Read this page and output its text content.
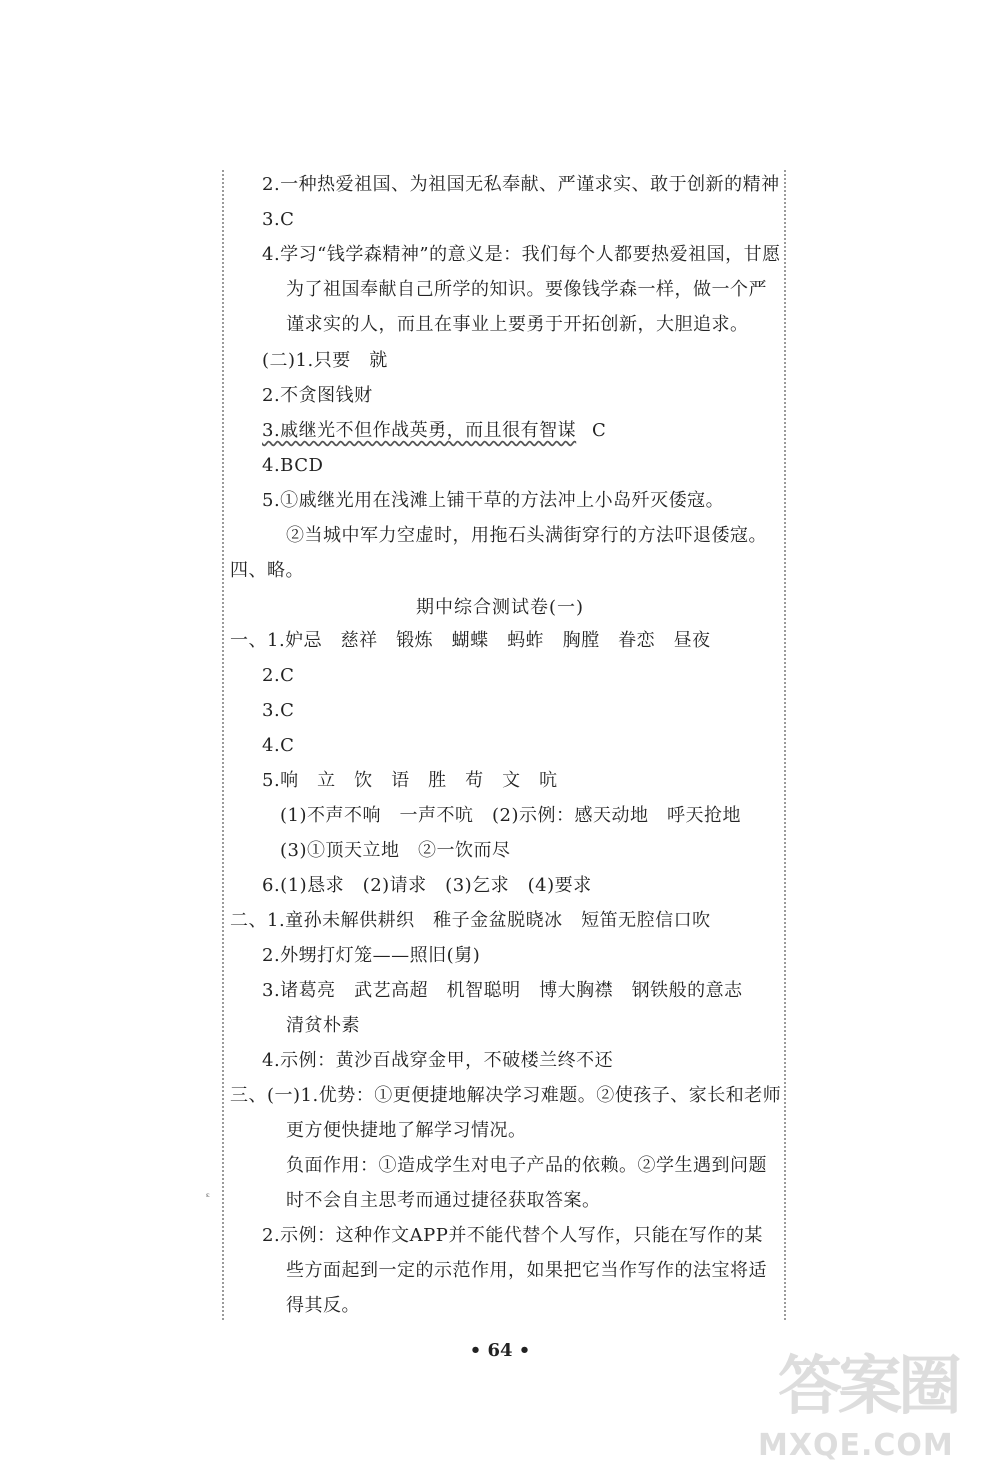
2.一种热爱祖国、为祖国无私奉献、严谨求实、敢于创新的精神
3.C
4.学习“钱学森精神”的意义是：我们每个人都要热爱祖国，甘愿
为了祖国奉献自己所学的知识。要像钱学森一样，做一个严
谨求实的人，而且在事业上要勇于开拓创新，大胆追求。
(二)1.只要　就
2.不贪图钱财
3.戚继光不但作战英勇，而且很有智谋 C
4.BCD
5.①戚继光用在浅滩上铺干草的方法冲上小岛歼灭倭寇。
②当城中军力空虚时，用拖石头满街穿行的方法吓退倭寇。
四、略。
期中综合测试卷(一)
一、1.妒忌　慈祥　锻炼　蝴蝶　蚂蚱　胸膛　眷恋　昼夜
2.C
3.C
4.C
5.响　立　饮　语　胜　苟　文　吭
(1)不声不响　一声不吭　(2)示例：感天动地　呼天抢地
(3)①顶天立地　②一饮而尽
6.(1)恳求　(2)请求　(3)乞求　(4)要求
二、1.童孙未解供耕织　稚子金盆脱晓冰　短笛无腔信口吹
2.外甥打灯笼——照旧(舅)
3.诸葛亮　武艺高超　机智聪明　博大胸襟　钢铁般的意志
清贫朴素
4.示例：黄沙百战穿金甲，不破楼兰终不还
三、(一)1.优势：①更便捷地解决学习难题。②使孩子、家长和老师
更方便快捷地了解学习情况。
负面作用：①造成学生对电子产品的依赖。②学生遇到问题
时不会自主思考而通过捷径获取答案。
2.示例：这种作文APP并不能代替个人写作，只能在写作的某
些方面起到一定的示范作用，如果把它当作写作的法宝将适
得其反。
ᵋ
• 64 •	答案圈
MXQE.COM
